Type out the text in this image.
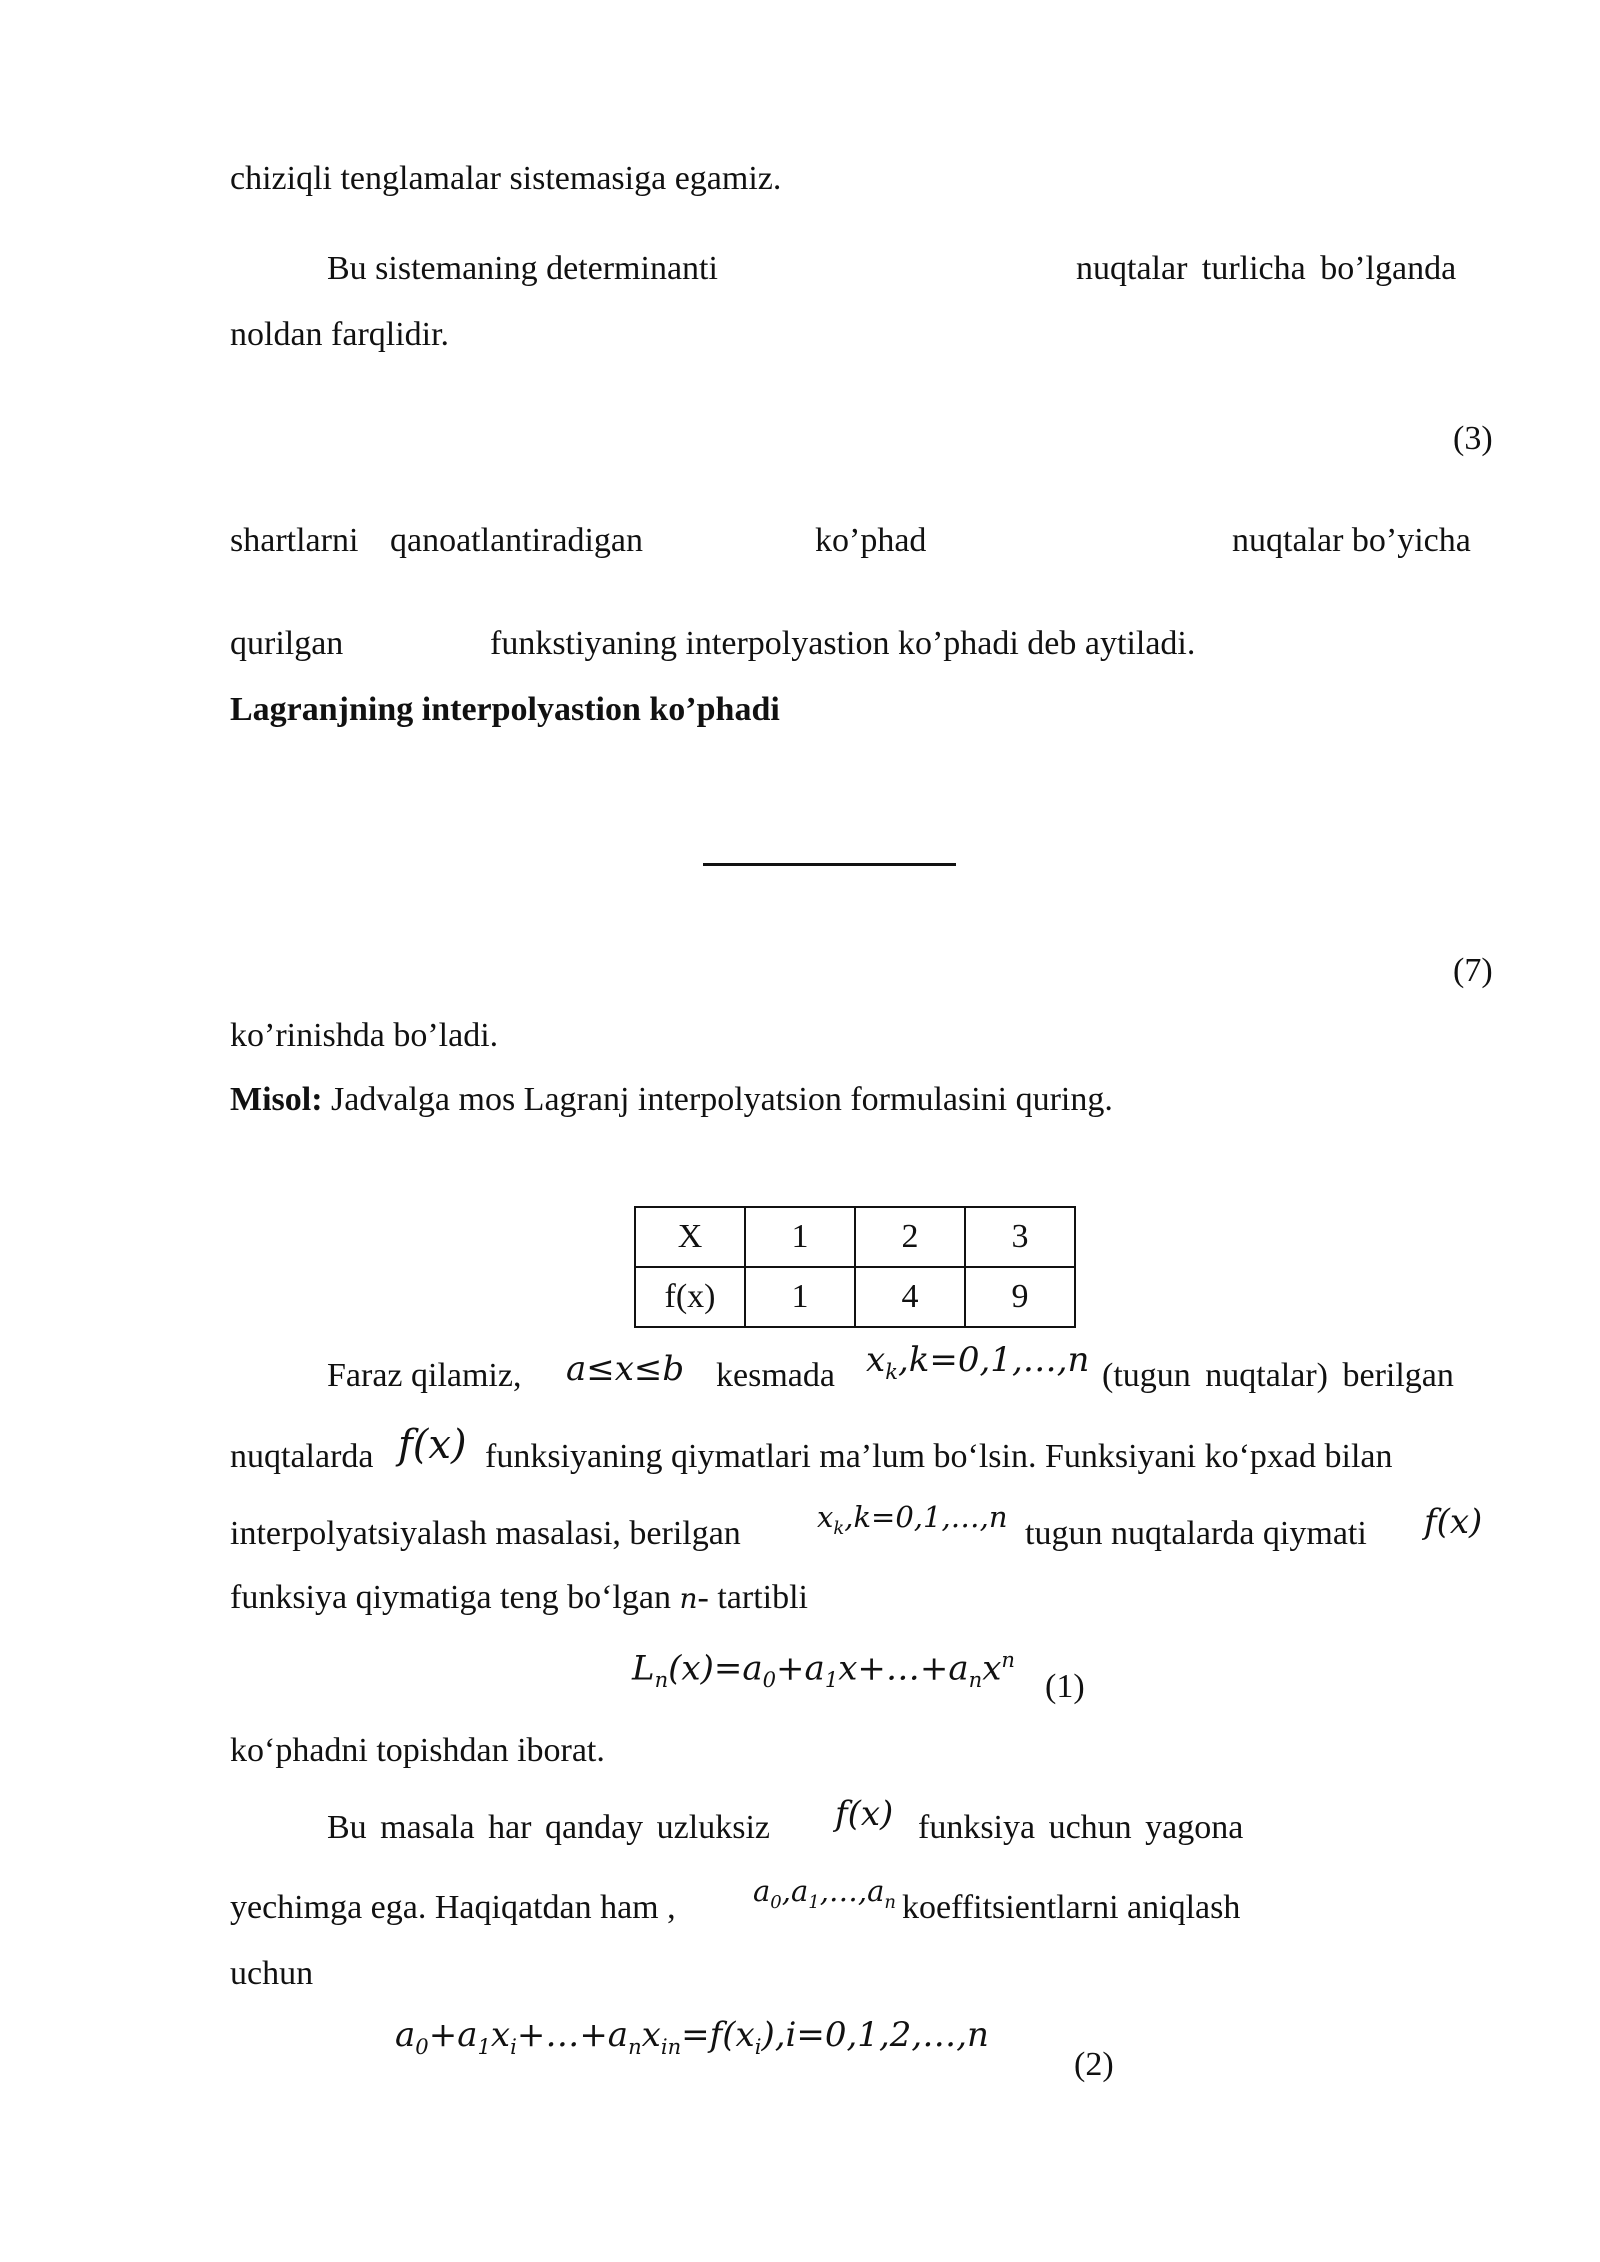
chiziqli tenglamalar sistemasiga egamiz.
Bu sistemaning determinanti	nuqtalar turlicha bo’lganda
noldan farqlidir.
(3)
shartlarni qanoatlantiradigan	ko’phad	nuqtalar bo’yicha
qurilgan	funkstiyaning interpolyastion ko’phadi deb aytiladi.
Lagranjning interpolyastion ko’phadi
(7)
ko’rinishda bo’ladi.
Misol: Jadvalga mos Lagranj interpolyatsion formulasini quring.
X	1	2	3
f(x)	1	4	9
Faraz qilamiz, a≤x≤b kesmada $x_k,k=0,1,\dots,n$ (tugun nuqtalar) berilgan
nuqtalarda f(x) funksiyaning qiymatlari ma’lum bo‘lsin. Funksiyani ko‘pxad bilan
interpolyatsiyalash masalasi, berilgan	$x_k,k=0,1,\dots,n$ tugun nuqtalarda qiymati f(x)
funksiya qiymatiga teng bo‘lgan n- tartibli
$L_n(x)=a_0+a_1x+\dots+a_nx^n$
(1)
ko‘phadni topishdan iborat.
Bu masala har qanday uzluksiz f(x) funksiya uchun yagona
yechimga ega. Haqiqatdan ham ,	$a_0,a_1,\dots,a_n$ koeffitsientlarni aniqlash
uchun
$a_0+a_1x_i+\dots+a_nx_{in}=f(x_i),i=0,1,2,\dots,n$
(2)
